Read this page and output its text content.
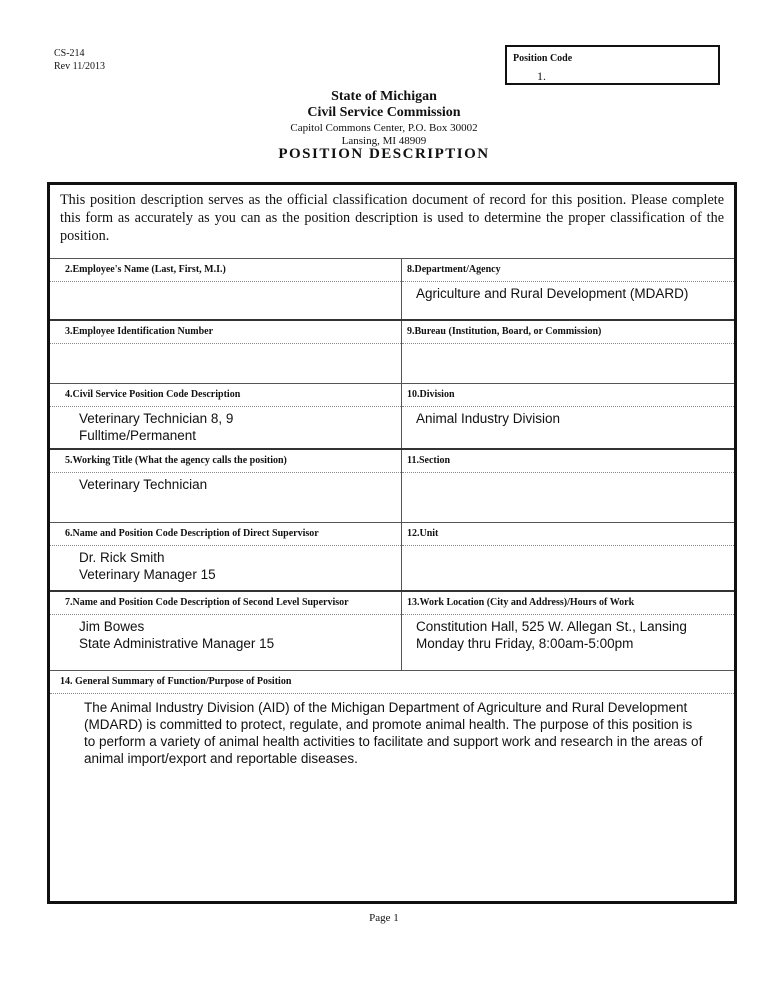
CS-214
Rev 11/2013
Position Code
1.
State of Michigan
Civil Service Commission
Capitol Commons Center, P.O. Box 30002
Lansing, MI 48909
POSITION DESCRIPTION
This position description serves as the official classification document of record for this position. Please complete this form as accurately as you can as the position description is used to determine the proper classification of the position.
2.Employee's Name (Last, First, M.I.)	8.Department/Agency
Agriculture and Rural Development (MDARD)
3.Employee Identification Number	9.Bureau (Institution, Board, or Commission)
4.Civil Service Position Code Description
Veterinary Technician 8, 9
Fulltime/Permanent
10.Division
Animal Industry Division
5.Working Title (What the agency calls the position)
Veterinary Technician
11.Section
6.Name and Position Code Description of Direct Supervisor
Dr. Rick Smith
Veterinary Manager 15
12.Unit
7.Name and Position Code Description of Second Level Supervisor
Jim Bowes
State Administrative Manager 15
13.Work Location (City and Address)/Hours of Work
Constitution Hall, 525 W. Allegan St., Lansing
Monday thru Friday, 8:00am-5:00pm
14. General Summary of Function/Purpose of Position
The Animal Industry Division (AID) of the Michigan Department of Agriculture and Rural Development (MDARD) is committed to protect, regulate, and promote animal health. The purpose of this position is to perform a variety of animal health activities to facilitate and support work and research in the areas of animal import/export and reportable diseases.
Page 1
